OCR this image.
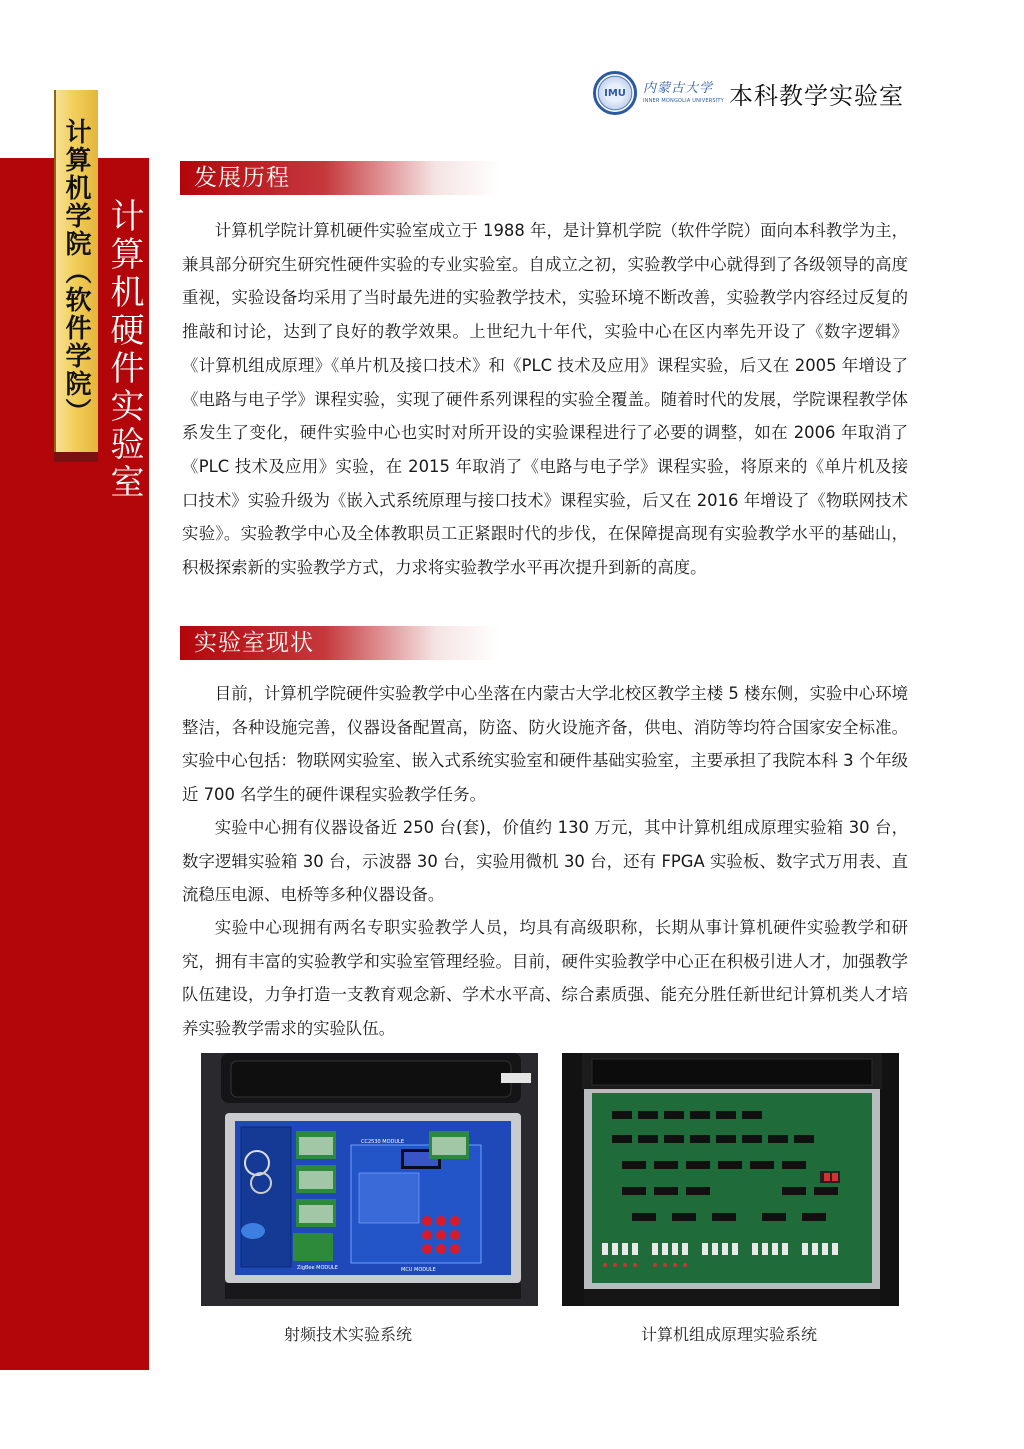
计算机学院（软件学院） 计算机硬件实验室
IMU 内蒙古大学
INNER MONGOLIA UNIVERSITY 本科教学实验室
发展历程

计算机学院计算机硬件实验室成立于 1988 年，是计算机学院（软件学院）面向本科教学为主，兼具部分研究生研究性硬件实验的专业实验室。自成立之初，实验教学中心就得到了各级领导的高度重视，实验设备均采用了当时最先进的实验教学技术，实验环境不断改善，实验教学内容经过反复的推敲和讨论，达到了良好的教学效果。上世纪九十年代，实验中心在区内率先开设了《数字逻辑》《计算机组成原理》《单片机及接口技术》和《PLC 技术及应用》课程实验，后又在 2005 年增设了《电路与电子学》课程实验，实现了硬件系列课程的实验全覆盖。随着时代的发展，学院课程教学体系发生了变化，硬件实验中心也实时对所开设的实验课程进行了必要的调整，如在 2006 年取消了《PLC 技术及应用》实验，在 2015 年取消了《电路与电子学》课程实验，将原来的《单片机及接口技术》实验升级为《嵌入式系统原理与接口技术》课程实验，后又在 2016 年增设了《物联网技术实验》。实验教学中心及全体教职员工正紧跟时代的步伐，在保障提高现有实验教学水平的基础山，积极探索新的实验教学方式，力求将实验教学水平再次提升到新的高度。

实验室现状

目前，计算机学院硬件实验教学中心坐落在内蒙古大学北校区教学主楼 5 楼东侧，实验中心环境整洁，各种设施完善，仪器设备配置高，防盗、防火设施齐备，供电、消防等均符合国家安全标准。实验中心包括：物联网实验室、嵌入式系统实验室和硬件基础实验室，主要承担了我院本科 3 个年级近 700 名学生的硬件课程实验教学任务。

实验中心拥有仪器设备近 250 台(套)，价值约 130 万元，其中计算机组成原理实验箱 30 台，数字逻辑实验箱 30 台，示波器 30 台，实验用微机 30 台，还有 FPGA 实验板、数字式万用表、直流稳压电源、电桥等多种仪器设备。

实验中心现拥有两名专职实验教学人员，均具有高级职称，长期从事计算机硬件实验教学和研究，拥有丰富的实验教学和实验室管理经验。目前，硬件实验教学中心正在积极引进人才，加强教学队伍建设，力争打造一支教育观念新、学术水平高、综合素质强、能充分胜任新世纪计算机类人才培养实验教学需求的实验队伍。

CC2530 MODULE
ZigBee MODULE	MCU MODULE
射频技术实验系统	计算机组成原理实验系统
